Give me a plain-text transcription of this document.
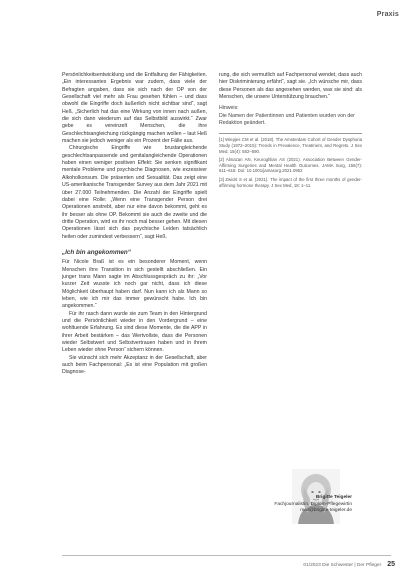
Praxis

Persönlichkeitsentwicklung und die Entfaltung der Fähigkeiten. „Ein interessantes Ergebnis war zudem, dass viele der Befragten angaben, dass sie sich nach der OP von der Gesellschaft viel mehr als Frau gesehen fühlen – und dass obwohl die Eingriffe doch äußerlich nicht sichtbar sind“, sagt Heß. „Sicherlich hat das eine Wirkung von innen nach außen, die sich dann wiederum auf das Selbstbild auswirkt.“ Zwar gebe es vereinzelt Menschen, die ihre Geschlechtsangleichung rückgängig machen wollen – laut Heß machen sie jedoch weniger als ein Prozent der Fälle aus.

Chirurgische Eingriffe wie brustangleichende geschlechtsanpassende und genitalangleichende Operationen haben einen weniger positiven Effekt: Sie senken signifikant mentale Probleme und psychische Diagnosen, wie exzessiver Alkoholkonsum. Die präsenten und Sexualität. Das zeigt eine US-amerikanische Transgender Survey aus dem Jahr 2021 mit über 27.000 Teilnehmenden. Die Anzahl der Eingriffe spielt dabei eine Rolle: „Wenn eine Transgender Person drei Operationen anstrebt, aber nur eine davon bekommt, geht es ihr besser als ohne OP. Bekommt sie auch die zweite und die dritte Operation, wird es ihr noch mal besser gehen. Mit diesen Operationen lässt sich das psychische Leiden tatsächlich heilen oder zumindest verbessern“, sagt Heß.

„Ich bin angekommen“

Für Nicole Braß ist es ein besonderer Moment, wenn Menschen ihre Transition in sich gestellt abschließen. Ein junger trans Mann sagte im Abschlussgespräch zu ihr: „Vor kurzer Zeit wusste ich noch gar nicht, dass ich diese Möglichkeit überhaupt haben darf. Nun kann ich als Mann so leben, wie ich mir das immer gewünscht habe. Ich bin angekommen.“

Für ihr rasch dann wurde sie zum Team in den Hintergrund und die Persönlichkeit wieder in den Vordergrund – eine wohltuende Erfahrung. Es sind diese Momente, die die APP in ihrer Arbeit bestärken – das Wertvollste, dass die Personen wieder Selbstwert und Selbstvertrauen haben und in ihrem Leben wieder ohne Person“ sichern können.

Sie wünscht sich mehr Akzeptanz in der Gesellschaft, aber auch beim Fachpersonal: „Es ist eine Population mit großen Diagnose-

rung, die sich vermutlich auf Fachpersonal wendet, dass auch hier Diskriminierung erfährt“, sagt sie. „Ich wünsche mir, dass diese Personen als das angesehen werden, was sie sind: als Menschen, die unsere Unterstützung brauchen.“

Hinweis:
Die Namen der Patientinnen und Patienten wurden von der Redaktion geändert.
[1] Wiepjes CM et al. (2018). The Amsterdam Cohort of Gender Dysphoria Study (1972–2015): Trends in Prevalence, Treatment, and Regrets. J Sex Med, 15(4): 582–590.
[2] Almazan AN, Keuroghlian AS (2021). Association Between Gender-Affirming Surgeries and Mental Health Outcomes. JAMA Surg, 156(7): 611–618. Doi: 10.1001/jamasurg.2021.0952
[3] Zwickl S et al. (2021). The impact of the first three months of gender-affirming hormone therapy. J Sex Med, 18: 1–11.
Brigitte Teigeler
Fachjournalistin, Diplom-Pflegewirtin
mail@brigitte-teigeler.de
01/2023 Die Schwester | Der Pfleger 25
